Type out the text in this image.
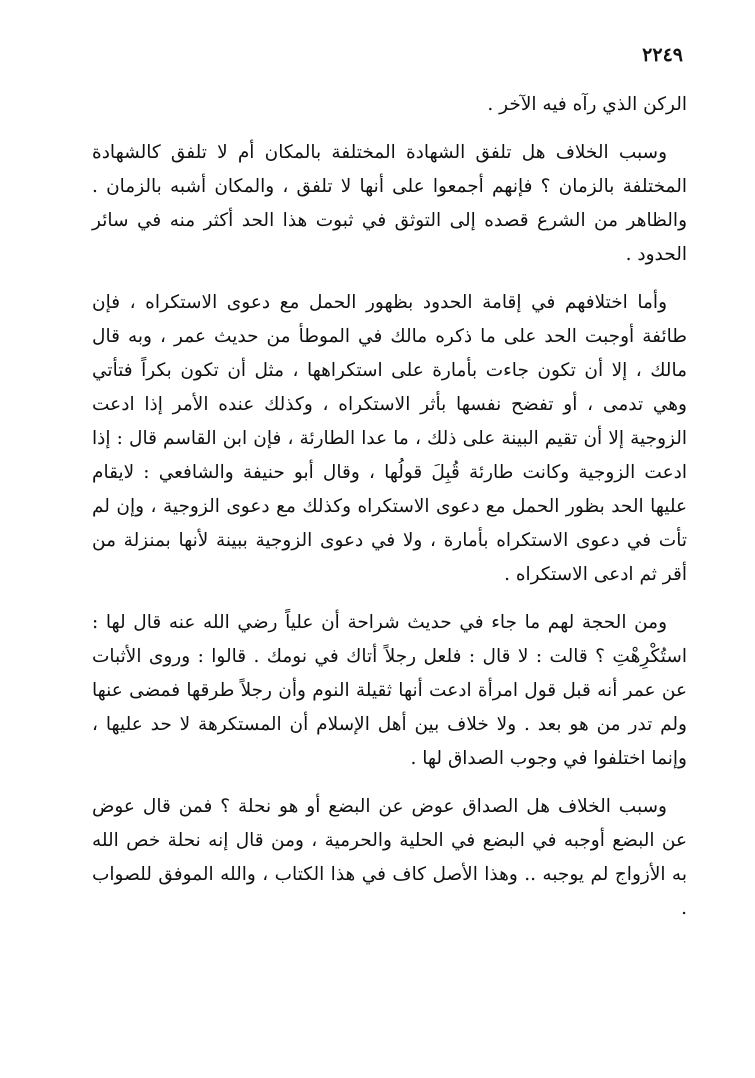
٢٢٤٩

الركن الذي رآه فيه الآخر .

وسبب الخلاف هل تلفق الشهادة المختلفة بالمكان أم لا تلفق كالشهادة المختلفة بالزمان ؟ فإنهم أجمعوا على أنها لا تلفق ، والمكان أشبه بالزمان . والظاهر من الشرع قصده إلى التوثق في ثبوت هذا الحد أكثر منه في سائر الحدود .

وأما اختلافهم في إقامة الحدود بظهور الحمل مع دعوى الاستكراه ، فإن طائفة أوجبت الحد على ما ذكره مالك في الموطأ من حديث عمر ، وبه قال مالك ، إلا أن تكون جاءت بأمارة على استكراهها ، مثل أن تكون بكراً فتأتي وهي تدمى ، أو تفضح نفسها بأثر الاستكراه ، وكذلك عنده الأمر إذا ادعت الزوجية إلا أن تقيم البينة على ذلك ، ما عدا الطارئة ، فإن ابن القاسم قال : إذا ادعت الزوجية وكانت طارئة قُبِلَ قولُها ، وقال أبو حنيفة والشافعي : لايقام عليها الحد بظور الحمل مع دعوى الاستكراه وكذلك مع دعوى الزوجية ، وإن لم تأت في دعوى الاستكراه بأمارة ، ولا في دعوى الزوجية ببينة لأنها بمنزلة من أقر ثم ادعى الاستكراه .

ومن الحجة لهم ما جاء في حديث شراحة أن علياً رضي الله عنه قال لها : استُكْرِهْتِ ؟ قالت : لا قال : فلعل رجلاً أتاك في نومك . قالوا : وروى الأثبات عن عمر أنه قبل قول امرأة ادعت أنها ثقيلة النوم وأن رجلاً طرقها فمضى عنها ولم تدر من هو بعد . ولا خلاف بين أهل الإسلام أن المستكرهة لا حد عليها ، وإنما اختلفوا في وجوب الصداق لها .

وسبب الخلاف هل الصداق عوض عن البضع أو هو نحلة ؟ فمن قال عوض عن البضع أوجبه في البضع في الحلية والحرمية ، ومن قال إنه نحلة خص الله به الأزواج لم يوجبه .. وهذا الأصل كاف في هذا الكتاب ، والله الموفق للصواب .
